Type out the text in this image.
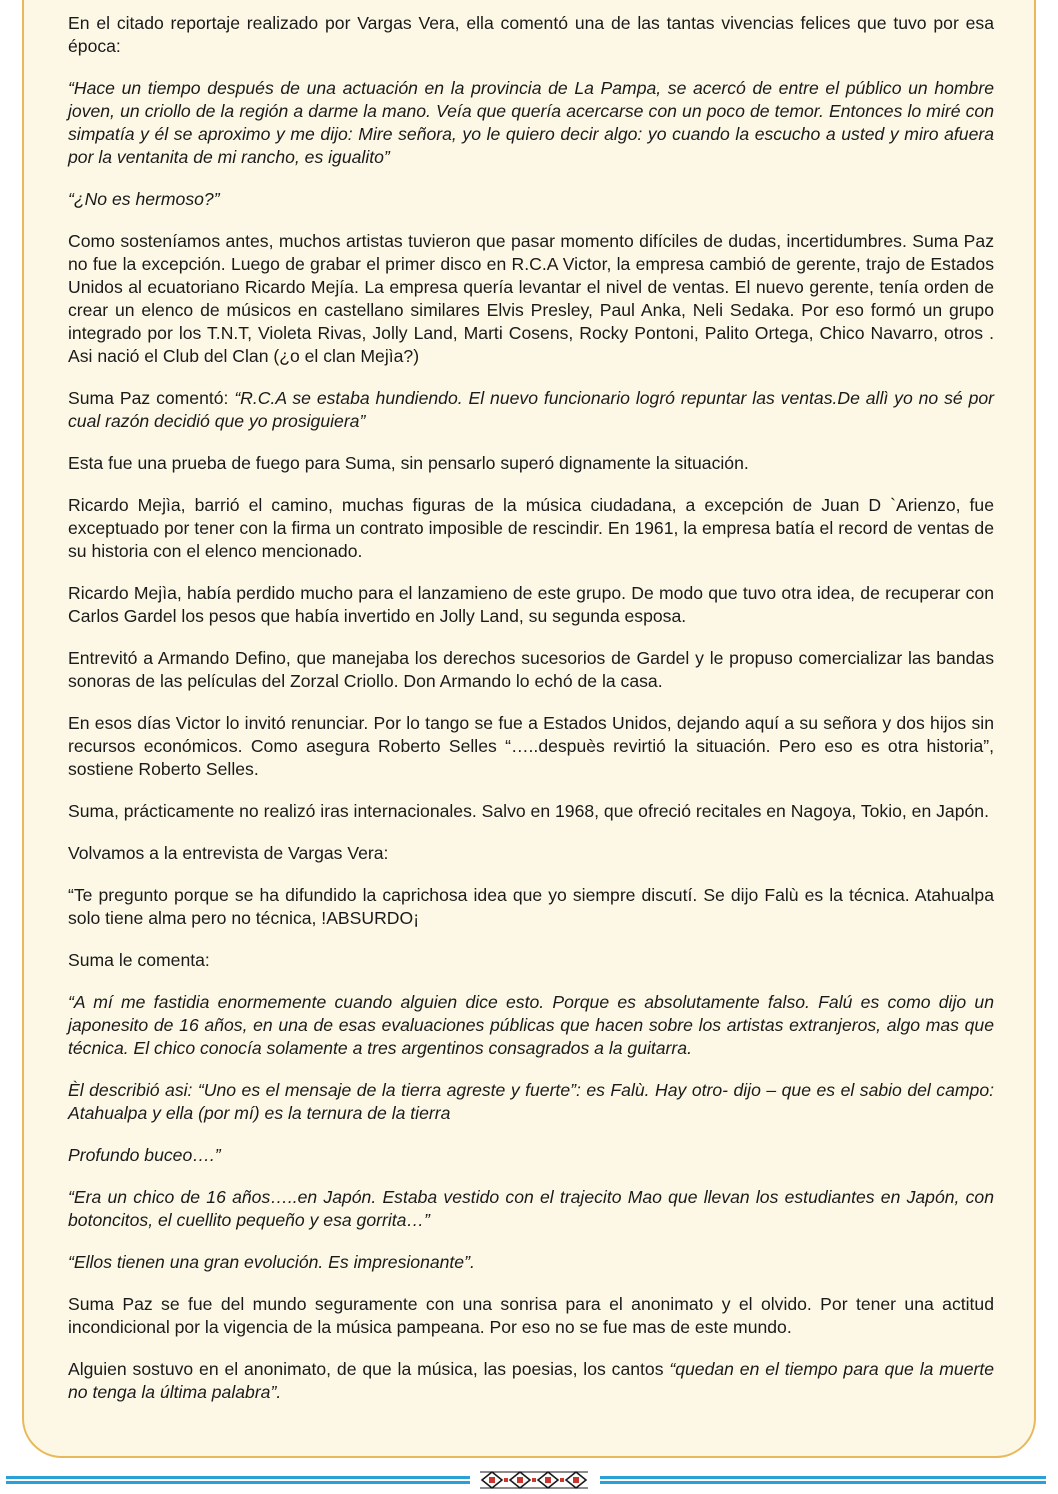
En el citado reportaje realizado por Vargas Vera, ella comentó una de las tantas vivencias felices que tuvo por esa época:

“Hace un tiempo después de una actuación en la provincia de La Pampa, se acercó de entre el público un hombre joven, un criollo de la región a darme la mano. Veía que quería acercarse con un poco de temor. Entonces lo miré con simpatía y él se aproximo y me dijo: Mire señora, yo le quiero decir algo: yo cuando la escucho a usted y miro afuera por la ventanita de mi rancho, es igualito”

“¿No es hermoso?”

Como sosteníamos antes, muchos artistas tuvieron que pasar momento difíciles de dudas, incertidumbres. Suma Paz no fue la excepción. Luego de grabar el primer disco en R.C.A Victor, la empresa cambió de gerente, trajo de Estados Unidos al ecuatoriano Ricardo Mejía. La empresa quería levantar el nivel de ventas. El nuevo gerente, tenía orden de crear un elenco de músicos en castellano similares Elvis Presley, Paul Anka, Neli Sedaka. Por eso formó un grupo integrado por los T.N.T, Violeta Rivas, Jolly Land, Marti Cosens, Rocky Pontoni, Palito Ortega, Chico Navarro, otros . Asi nació el Club del Clan (¿o el clan Mejìa?)

Suma Paz comentó: “R.C.A se estaba hundiendo. El nuevo funcionario logró repuntar las ventas.De allì yo no sé por cual razón decidió que yo prosiguiera”

Esta fue una prueba de fuego para Suma, sin pensarlo superó dignamente la situación.

Ricardo Mejìa, barrió el camino, muchas figuras de la música ciudadana, a excepción de Juan D `Arienzo, fue exceptuado por tener con la firma un contrato imposible de rescindir. En 1961, la empresa batía el record de ventas de su historia con el elenco mencionado.

Ricardo Mejìa, había perdido mucho para el lanzamieno de este grupo. De modo que tuvo otra idea, de recuperar con Carlos Gardel los pesos que había invertido en Jolly Land, su segunda esposa.

Entrevitó a Armando Defino, que manejaba los derechos sucesorios de Gardel y le propuso comercializar las bandas sonoras de las películas del Zorzal Criollo. Don Armando lo echó de la casa.

En esos días Victor lo invitó renunciar. Por lo tango se fue a Estados Unidos, dejando aquí a su señora y dos hijos sin recursos económicos. Como asegura Roberto Selles “…..despuès revirtió la situación. Pero eso es otra historia”, sostiene Roberto Selles.

Suma, prácticamente no realizó iras internacionales. Salvo en 1968, que ofreció recitales en Nagoya, Tokio, en Japón.

Volvamos a la entrevista de Vargas Vera:

“Te pregunto porque se ha difundido la caprichosa idea que yo siempre discutí. Se dijo Falù es la técnica. Atahualpa solo tiene alma pero no técnica, !ABSURDO¡

Suma le comenta:

“A mí me fastidia enormemente cuando alguien dice esto. Porque es absolutamente falso. Falú es como dijo un japonesito de 16 años, en una de esas evaluaciones públicas que hacen sobre los artistas extranjeros, algo mas que técnica. El chico conocía solamente a tres argentinos consagrados a la guitarra.

Èl describió asi: “Uno es el mensaje de la tierra agreste y fuerte”: es Falù. Hay otro- dijo – que es el sabio del campo: Atahualpa y ella (por mí) es la ternura de la tierra

Profundo buceo….”

“Era un chico de 16 años…..en Japón. Estaba vestido con el trajecito Mao que llevan los estudiantes en Japón, con botoncitos, el cuellito pequeño y esa gorrita…”

“Ellos tienen una gran evolución. Es impresionante”.

Suma Paz se fue del mundo seguramente con una sonrisa para el anonimato y el olvido. Por tener una actitud incondicional por la vigencia de la música pampeana. Por eso no se fue mas de este mundo.

Alguien sostuvo en el anonimato, de que la música, las poesias, los cantos “quedan en el tiempo para que la muerte no tenga la última palabra”.
